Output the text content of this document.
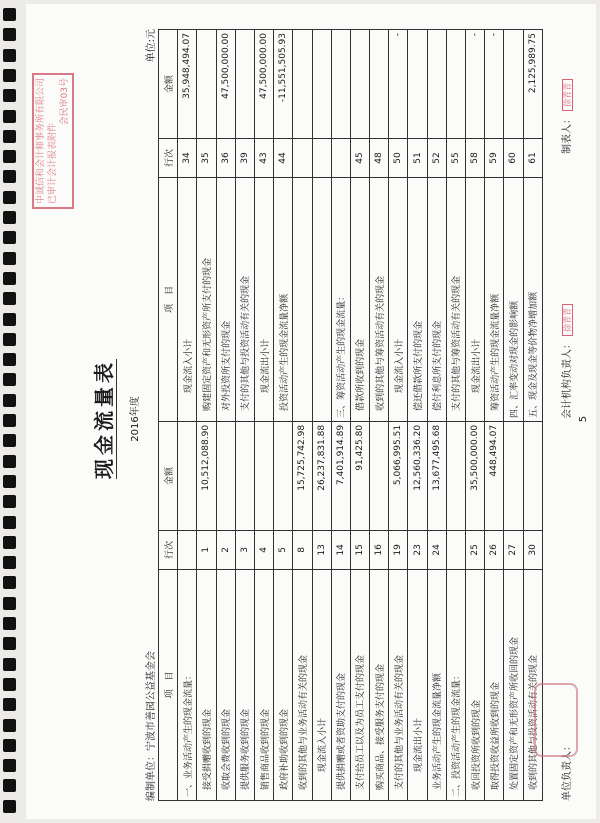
现金流量表	2016年度
编制单位：宁波市善园公益基金会
单位:元
项　目	行次	金额	项　目	行次	金额
一、业务活动产生的现金流量：			现金流入小计	34	35,948,494.07
接受捐赠收到的现金	1	10,512,088.90	购建固定资产和无形资产所支付的现金	35	
收取会费收到的现金	2		对外投资所支付的现金	36	47,500,000.00
提供服务收到的现金	3		支付的其他与投资活动有关的现金	39	
销售商品收到的现金	4		现金流出小计	43	47,500,000.00
政府补助收到的现金	5		投资活动产生的现金流量净额	44	-11,551,505.93
收到的其他与业务活动有关的现金	8	15,725,742.98			
现金流入小计	13	26,237,831.88			
提供捐赠或者资助支付的现金	14	7,401,914.89	三、筹资活动产生的现金流量：		
支付给员工以及为员工支付的现金	15	91,425.80	借款所收到的现金	45	
购买商品、接受服务支付的现金	16		收到的其他与筹资活动有关的现金	48	
支付的其他与业务活动有关的现金	19	5,066,995.51	现金流入小计	50	-
现金流出小计	23	12,560,336.20	偿还借款所支付的现金	51	
业务活动产生的现金流量净额	24	13,677,495.68	偿付利息所支付的现金	52	
二、投资活动产生的现金流量：			支付的其他与筹资活动有关的现金	55	
收回投资所收到的现金	25	35,500,000.00	现金流出小计	58	-
取得投资收益所收到的现金	26	448,494.07	筹资活动产生的现金流量净额	59	-
处置固定资产和无形资产所收回的现金	27		四、汇率变动对现金的影响额	60	
收到的其他与投资活动有关的现金	30		五、现金及现金等价物净增加额	61	2,125,989.75
单位负责人：
会计机构负责人： 徐青青
制表人： 徐青青
5
中诚信和会计师事务所有限公司 已审计会计报表附件
会民审03号
